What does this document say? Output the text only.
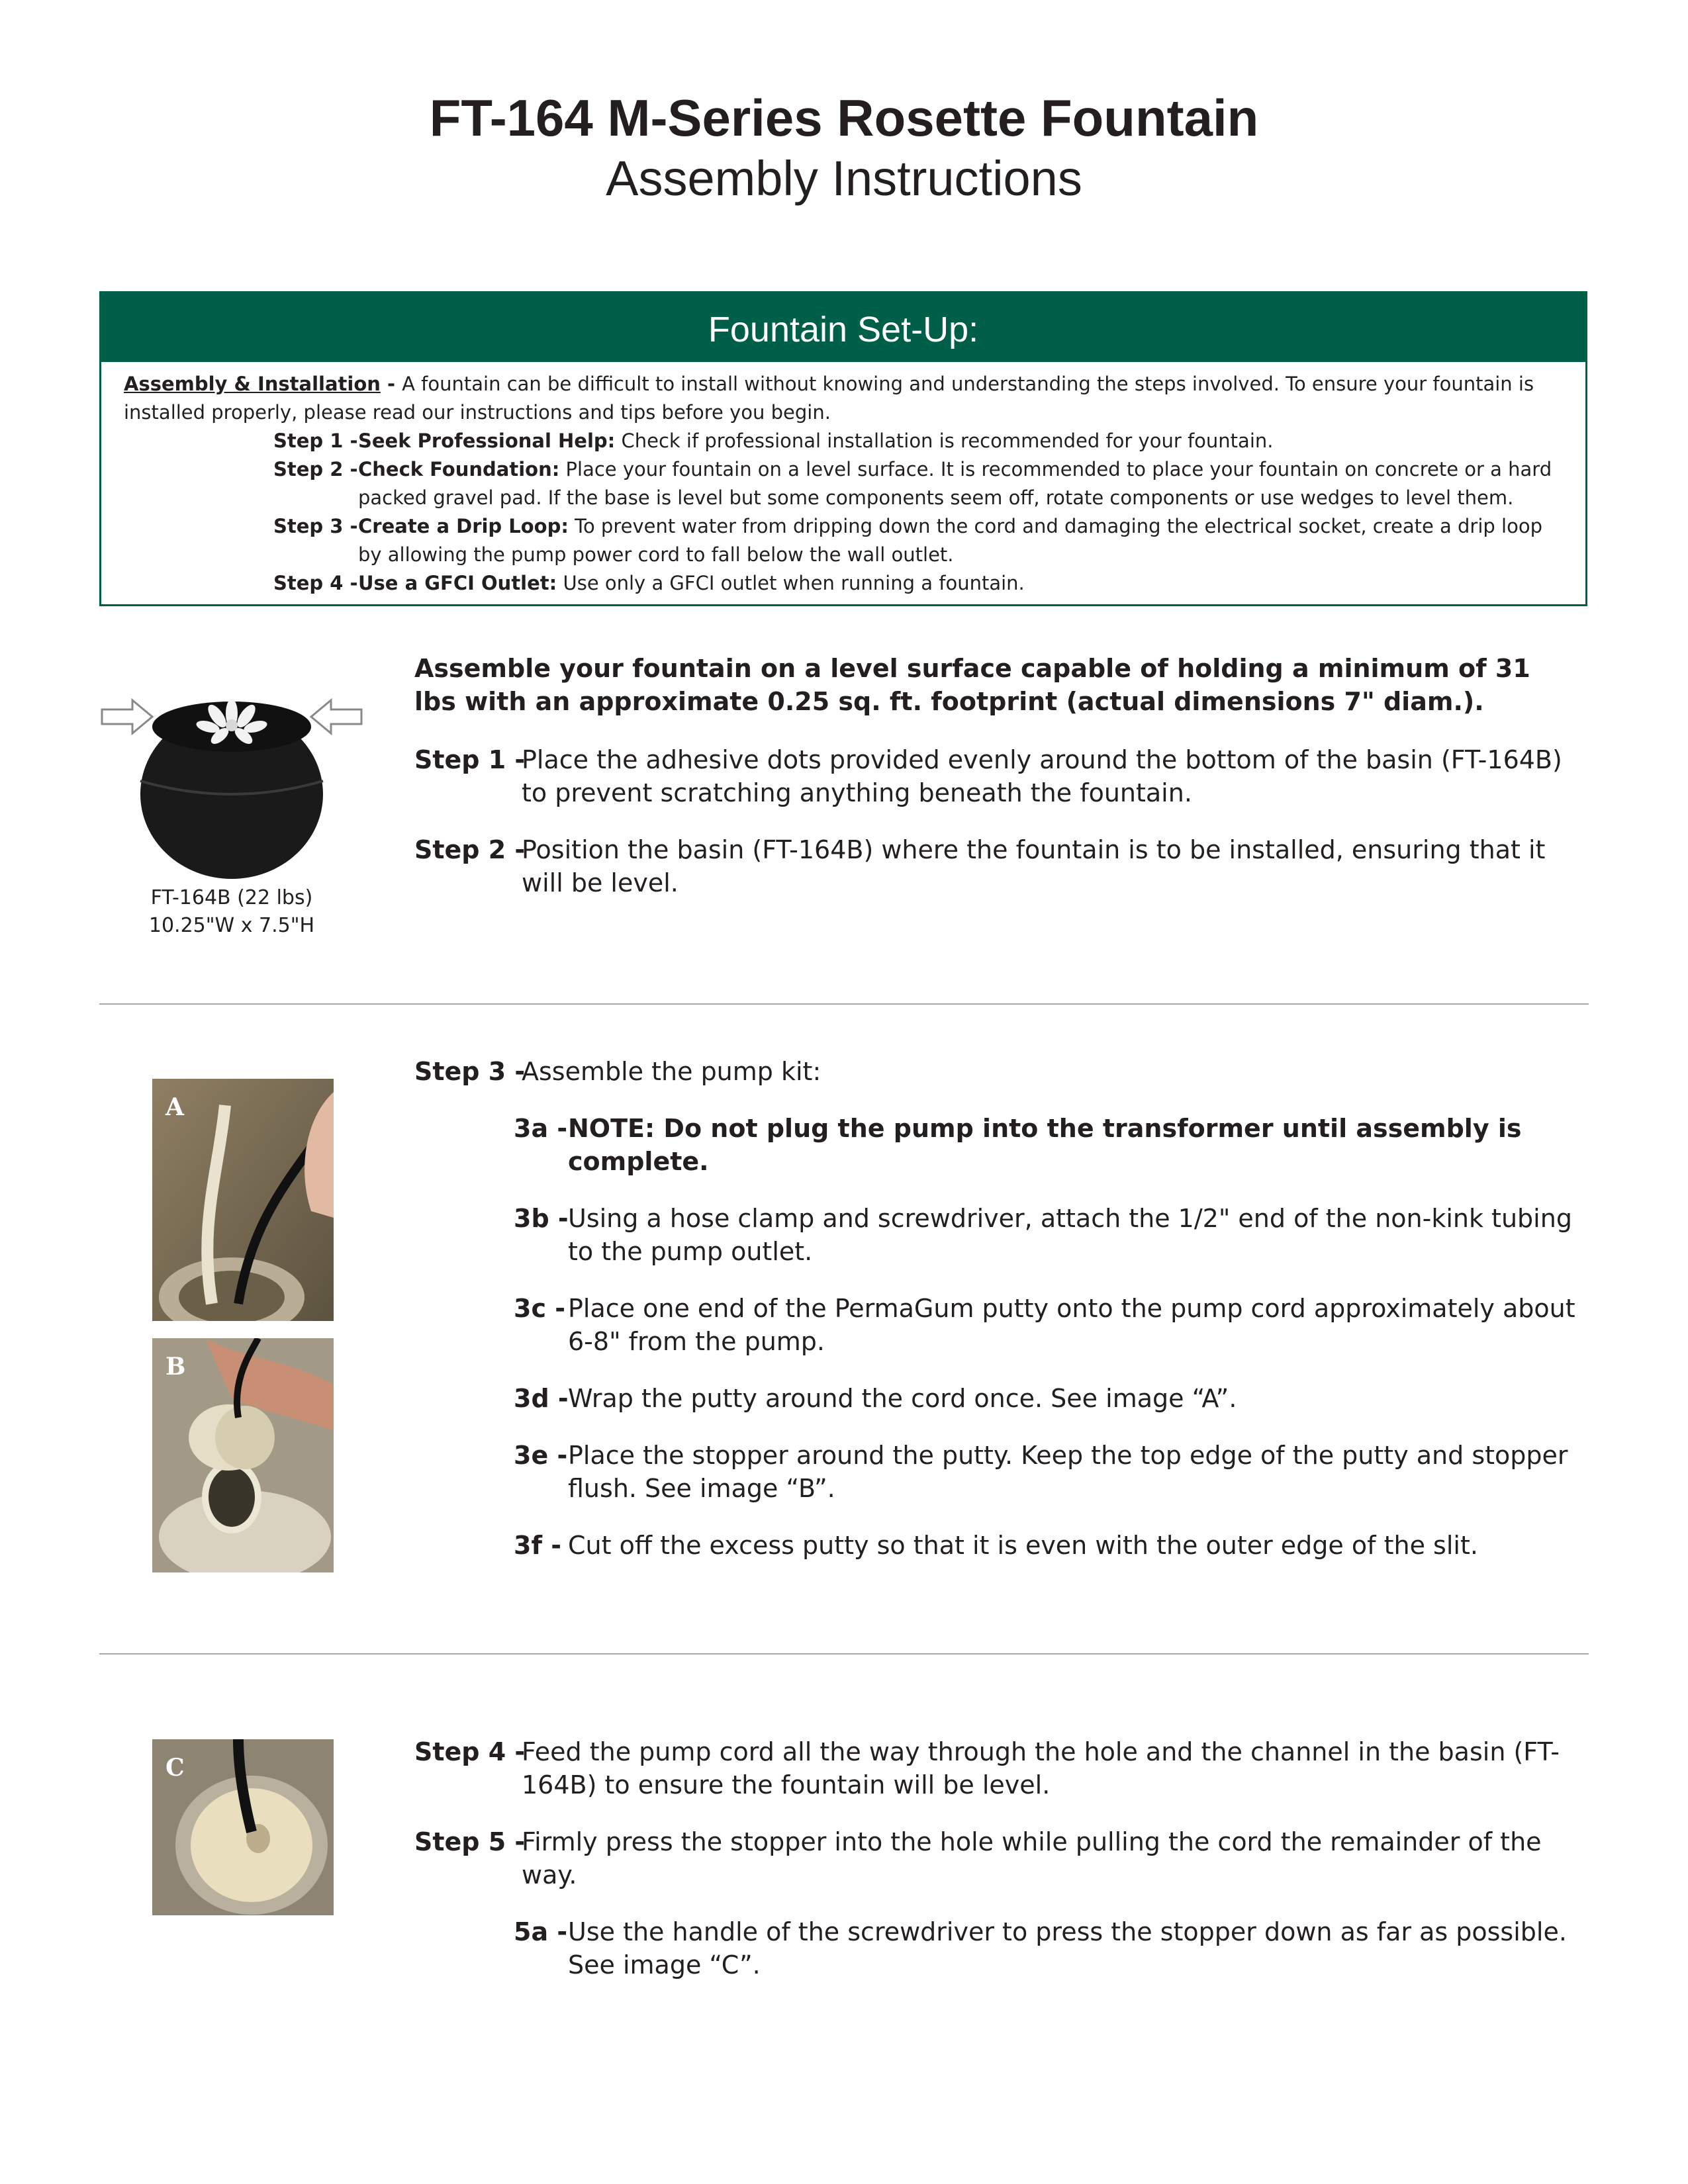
FT-164 M-Series Rosette Fountain
Assembly Instructions
Fountain Set-Up:

Assembly & Installation - A fountain can be difficult to install without knowing and understanding the steps involved. To ensure your fountain is installed properly, please read our instructions and tips before you begin.

Step 1 - Seek Professional Help: Check if professional installation is recommended for your fountain.

Step 2 - Check Foundation: Place your fountain on a level surface. It is recommended to place your fountain on concrete or a hard packed gravel pad. If the base is level but some components seem off, rotate components or use wedges to level them.

Step 3 - Create a Drip Loop: To prevent water from dripping down the cord and damaging the electrical socket, create a drip loop by allowing the pump power cord to fall below the wall outlet.

Step 4 - Use a GFCI Outlet: Use only a GFCI outlet when running a fountain.

FT-164B (22 lbs)
10.25"W x 7.5"H

Assemble your fountain on a level surface capable of holding a minimum of 31 lbs with an approximate 0.25 sq. ft. footprint (actual dimensions 7" diam.).

Step 1 -
Place the adhesive dots provided evenly around the bottom of the basin (FT-164B) to prevent scratching anything beneath the fountain.

Step 2 -
Position the basin (FT-164B) where the fountain is to be installed, ensuring that it will be level.

A
B

Step 3 -
Assemble the pump kit:

3a - NOTE: Do not plug the pump into the transformer until assembly is complete.

3b - Using a hose clamp and screwdriver, attach the 1/2" end of the non-kink tubing to the pump outlet.

3c - Place one end of the PermaGum putty onto the pump cord approximately about 6-8" from the pump.

3d - Wrap the putty around the cord once. See image “A”.

3e - Place the stopper around the putty. Keep the top edge of the putty and stopper flush. See image “B”.

3f - Cut off the excess putty so that it is even with the outer edge of the slit.

C

Step 4 -
Feed the pump cord all the way through the hole and the channel in the basin (FT-164B) to ensure the fountain will be level.

Step 5 -
Firmly press the stopper into the hole while pulling the cord the remainder of the way.

5a - Use the handle of the screwdriver to press the stopper down as far as possible. See image “C”.
